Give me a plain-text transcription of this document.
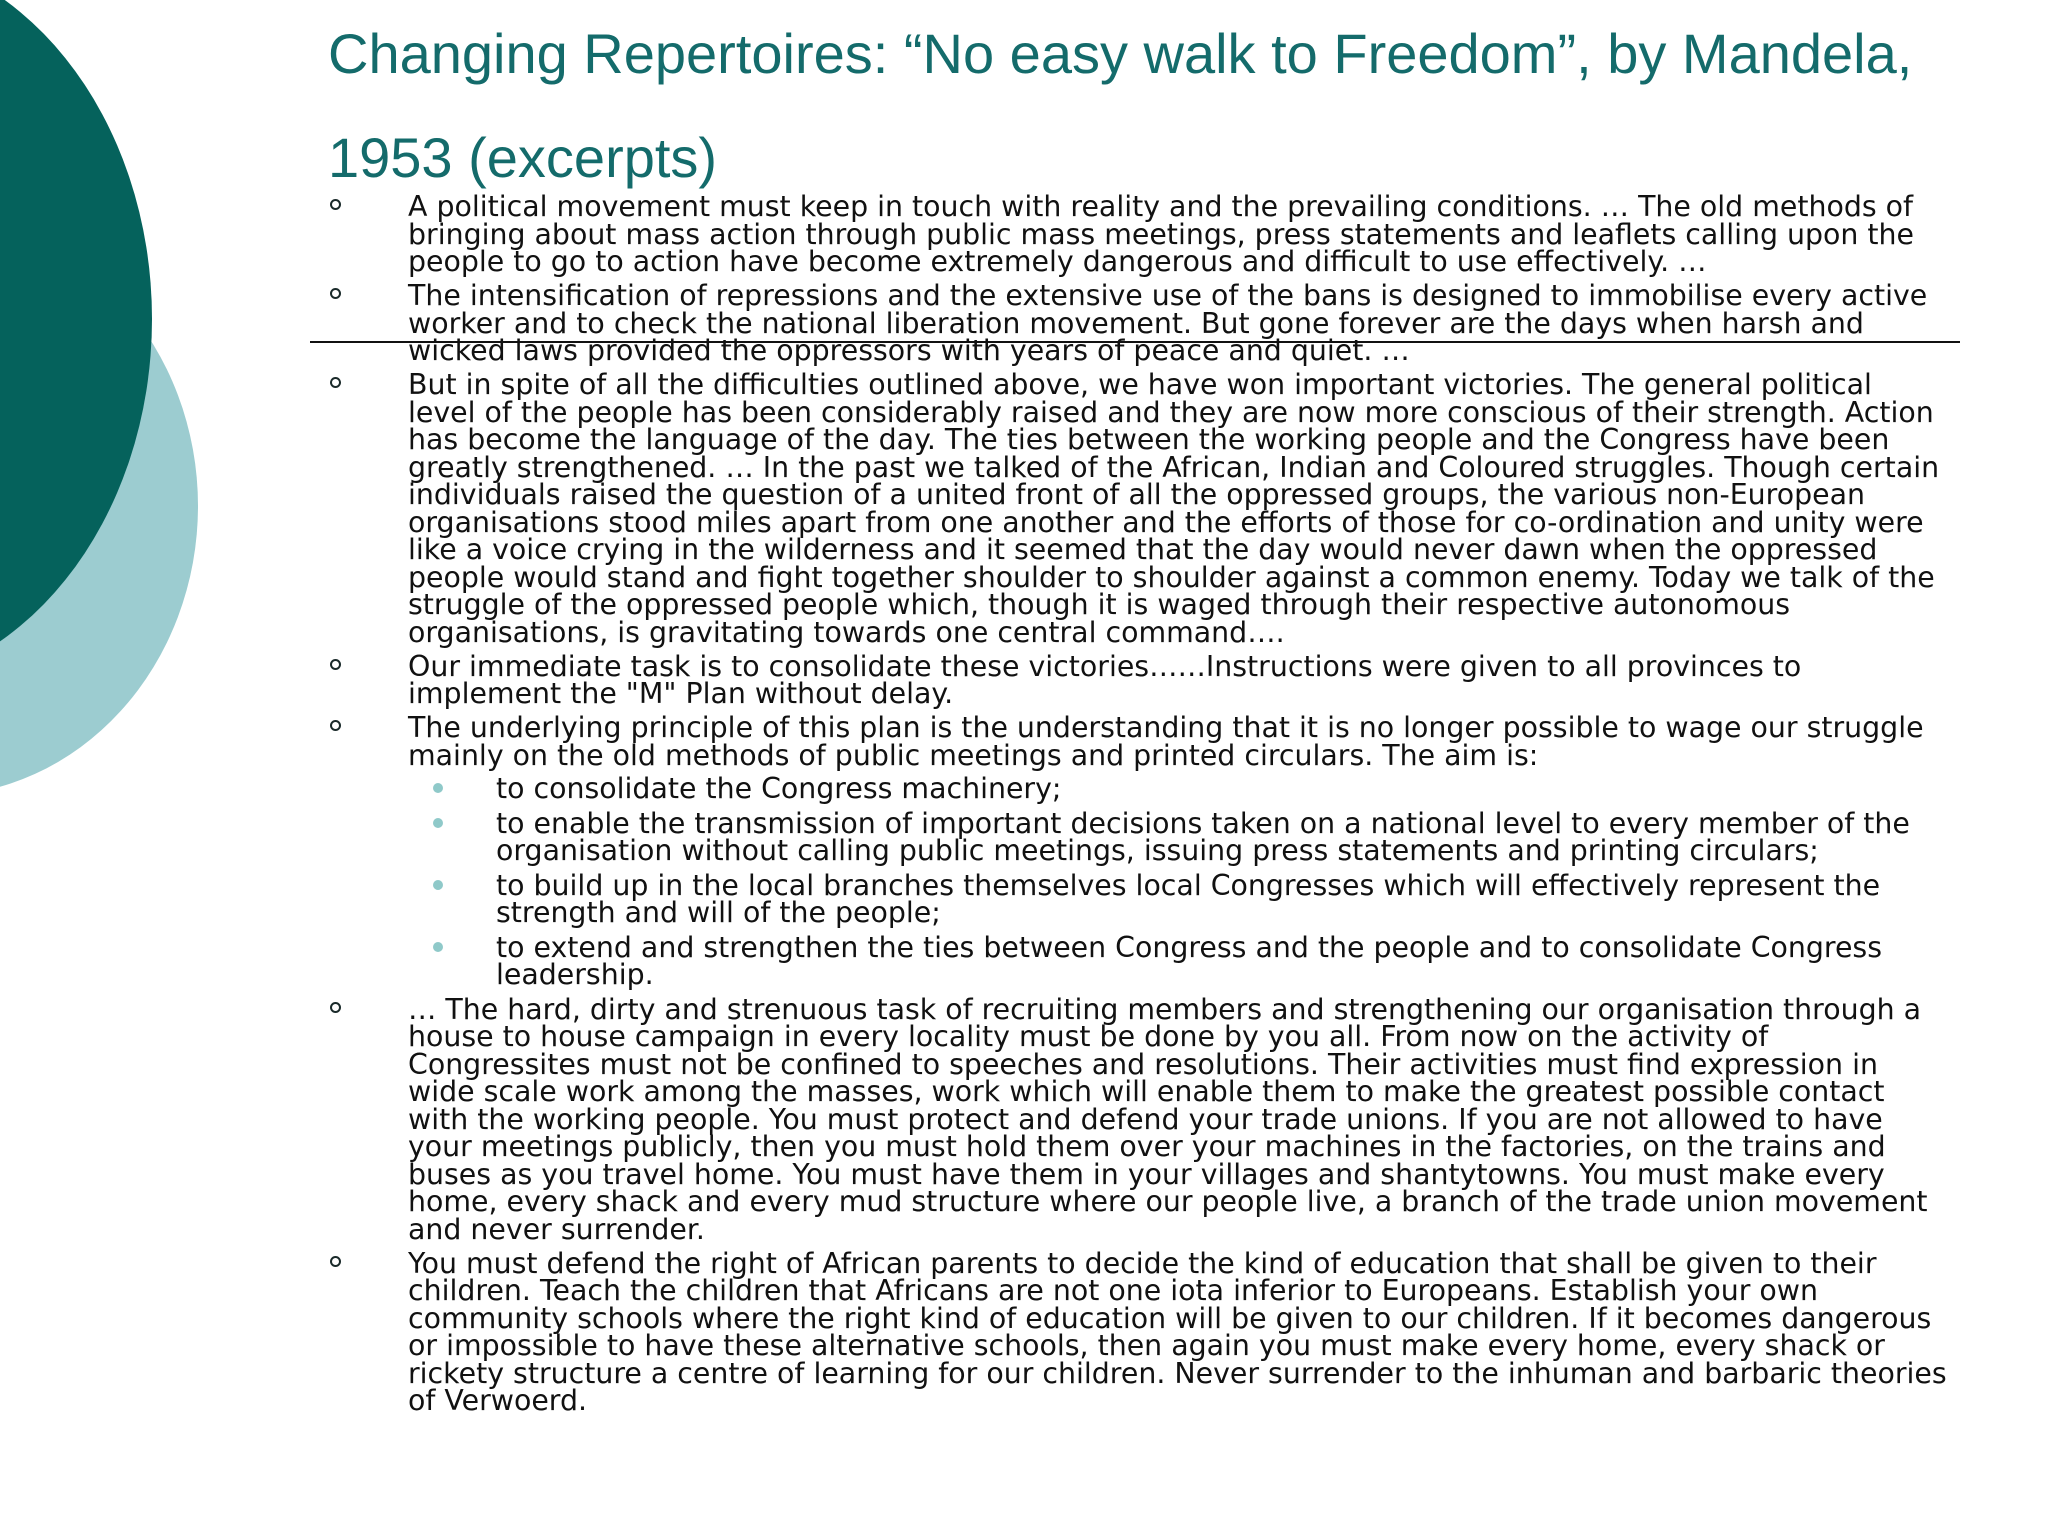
Changing Repertoires: “No easy walk to Freedom”, by Mandela, 1953 (excerpts)
A political movement must keep in touch with reality and the prevailing conditions. … The old methods of bringing about mass action through public mass meetings, press statements and leaflets calling upon the people to go to action have become extremely dangerous and difficult to use effectively. …
The intensification of repressions and the extensive use of the bans is designed to immobilise every active worker and to check the national liberation movement. But gone forever are the days when harsh and wicked laws provided the oppressors with years of peace and quiet. …
But in spite of all the difficulties outlined above, we have won important victories. The general political level of the people has been considerably raised and they are now more conscious of their strength. Action has become the language of the day. The ties between the working people and the Congress have been greatly strengthened. … In the past we talked of the African, Indian and Coloured struggles. Though certain individuals raised the question of a united front of all the oppressed groups, the various non-European organisations stood miles apart from one another and the efforts of those for co-ordination and unity were like a voice crying in the wilderness and it seemed that the day would never dawn when the oppressed people would stand and fight together shoulder to shoulder against a common enemy. Today we talk of the struggle of the oppressed people which, though it is waged through their respective autonomous organisations, is gravitating towards one central command….
Our immediate task is to consolidate these victories……Instructions were given to all provinces to implement the "M" Plan without delay.
The underlying principle of this plan is the understanding that it is no longer possible to wage our struggle mainly on the old methods of public meetings and printed circulars. The aim is:
to consolidate the Congress machinery;
to enable the transmission of important decisions taken on a national level to every member of the organisation without calling public meetings, issuing press statements and printing circulars;
to build up in the local branches themselves local Congresses which will effectively represent the strength and will of the people;
to extend and strengthen the ties between Congress and the people and to consolidate Congress leadership.
… The hard, dirty and strenuous task of recruiting members and strengthening our organisation through a house to house campaign in every locality must be done by you all. From now on the activity of Congressites must not be confined to speeches and resolutions. Their activities must find expression in wide scale work among the masses, work which will enable them to make the greatest possible contact with the working people. You must protect and defend your trade unions. If you are not allowed to have your meetings publicly, then you must hold them over your machines in the factories, on the trains and buses as you travel home. You must have them in your villages and shantytowns. You must make every home, every shack and every mud structure where our people live, a branch of the trade union movement and never surrender.
You must defend the right of African parents to decide the kind of education that shall be given to their children. Teach the children that Africans are not one iota inferior to Europeans. Establish your own community schools where the right kind of education will be given to our children. If it becomes dangerous or impossible to have these alternative schools, then again you must make every home, every shack or rickety structure a centre of learning for our children. Never surrender to the inhuman and barbaric theories of Verwoerd.
